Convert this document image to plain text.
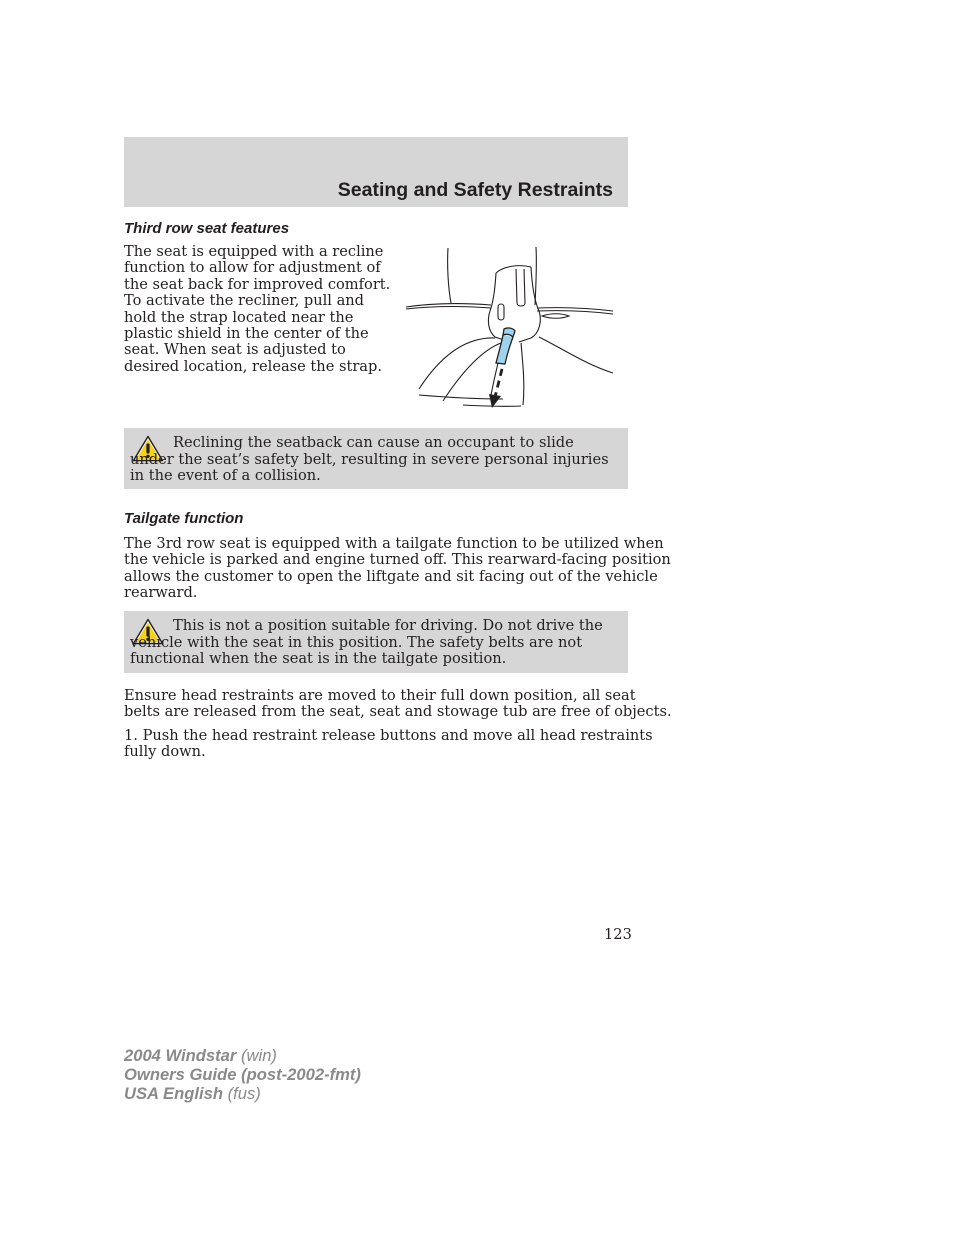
Seating and Safety Restraints
Third row seat features
The seat is equipped with a recline
function to allow for adjustment of
the seat back for improved comfort.
To activate the recliner, pull and
hold the strap located near the
plastic shield in the center of the
seat. When seat is adjusted to
desired location, release the strap.
Reclining the seatback can cause an occupant to slide under the seat’s safety belt, resulting in severe personal injuries in the event of a collision.
Tailgate function
The 3rd row seat is equipped with a tailgate function to be utilized when
the vehicle is parked and engine turned off. This rearward-facing position
allows the customer to open the liftgate and sit facing out of the vehicle
rearward.
This is not a position suitable for driving. Do not drive the vehicle with the seat in this position. The safety belts are not functional when the seat is in the tailgate position.
Ensure head restraints are moved to their full down position, all seat
belts are released from the seat, seat and stowage tub are free of objects.
1. Push the head restraint release buttons and move all head restraints
fully down.
123
2004 Windstar (win)
Owners Guide (post-2002-fmt)
USA English (fus)
